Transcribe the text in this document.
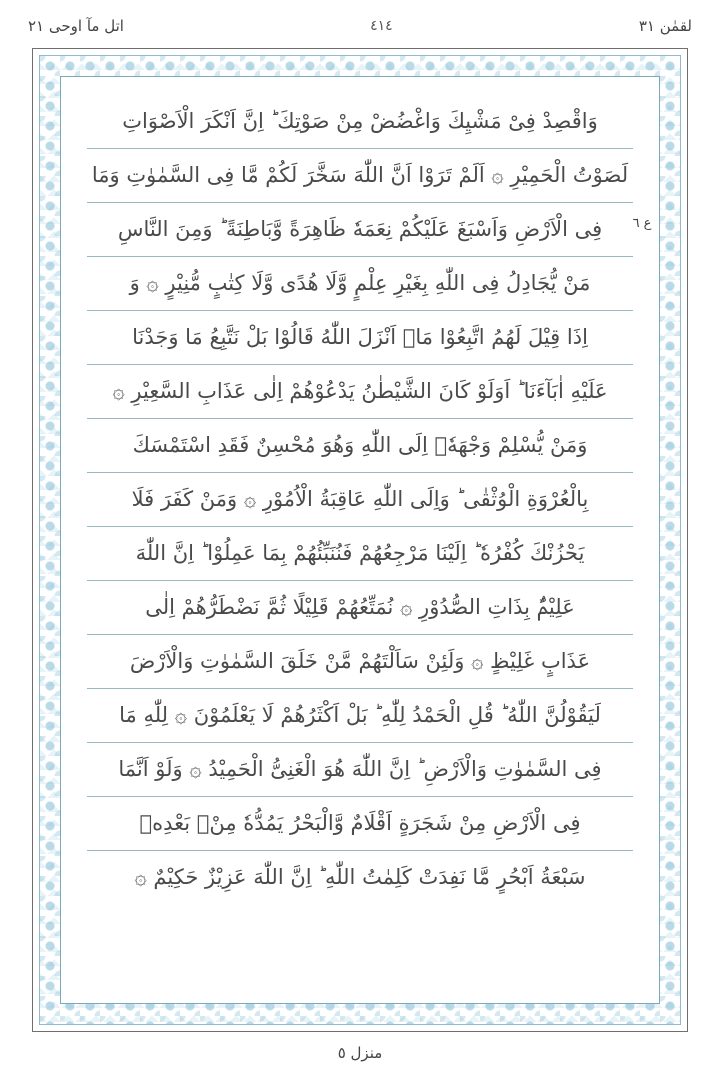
لقمٰن ٣١
٤١٤
اتل مآ اوحی ٢١
ع ٦
وَاقْصِدْ فِىْ مَشْيِكَ وَاغْضُضْ مِنْ صَوْتِكَ ؕ اِنَّ اَنْكَرَ الْاَصْوَاتِ
لَصَوْتُ الْحَمِيْرِ ۞ اَلَمْ تَرَوْا اَنَّ اللّٰهَ سَخَّرَ لَكُمْ مَّا فِى السَّمٰوٰتِ وَمَا
فِى الْاَرْضِ وَاَسْبَغَ عَلَيْكُمْ نِعَمَهٗ ظَاهِرَةً وَّبَاطِنَةً ؕ وَمِنَ النَّاسِ
مَنْ يُّجَادِلُ فِى اللّٰهِ بِغَيْرِ عِلْمٍ وَّلَا هُدًى وَّلَا كِتٰبٍ مُّنِيْرٍ ۞ وَ
اِذَا قِيْلَ لَهُمُ اتَّبِعُوْا مَاۤ اَنْزَلَ اللّٰهُ قَالُوْا بَلْ نَتَّبِعُ مَا وَجَدْنَا
عَلَيْهِ اٰبَآءَنَا ؕ اَوَلَوْ كَانَ الشَّيْطٰنُ يَدْعُوْهُمْ اِلٰى عَذَابِ السَّعِيْرِ ۞
وَمَنْ يُّسْلِمْ وَجْهَهٗۤ اِلَى اللّٰهِ وَهُوَ مُحْسِنٌ فَقَدِ اسْتَمْسَكَ
بِالْعُرْوَةِ الْوُثْقٰى ؕ وَاِلَى اللّٰهِ عَاقِبَةُ الْاُمُوْرِ ۞ وَمَنْ كَفَرَ فَلَا
يَحْزُنْكَ كُفْرُهٗ ؕ اِلَيْنَا مَرْجِعُهُمْ فَنُنَبِّئُهُمْ بِمَا عَمِلُوْا ؕ اِنَّ اللّٰهَ
عَلِيْمٌۢ بِذَاتِ الصُّدُوْرِ ۞ نُمَتِّعُهُمْ قَلِيْلًا ثُمَّ نَضْطَرُّهُمْ اِلٰى
عَذَابٍ غَلِيْظٍ ۞ وَلَئِنْ سَاَلْتَهُمْ مَّنْ خَلَقَ السَّمٰوٰتِ وَالْاَرْضَ
لَيَقُوْلُنَّ اللّٰهُ ؕ قُلِ الْحَمْدُ لِلّٰهِ ؕ بَلْ اَكْثَرُهُمْ لَا يَعْلَمُوْنَ ۞ لِلّٰهِ مَا
فِى السَّمٰوٰتِ وَالْاَرْضِ ؕ اِنَّ اللّٰهَ هُوَ الْغَنِىُّ الْحَمِيْدُ ۞ وَلَوْ اَنَّمَا
فِى الْاَرْضِ مِنْ شَجَرَةٍ اَقْلَامٌ وَّالْبَحْرُ يَمُدُّهٗ مِنْۢ بَعْدِهٖ
سَبْعَةُ اَبْحُرٍ مَّا نَفِدَتْ كَلِمٰتُ اللّٰهِ ؕ اِنَّ اللّٰهَ عَزِيْزٌ حَكِيْمٌ ۞
منزل ٥
